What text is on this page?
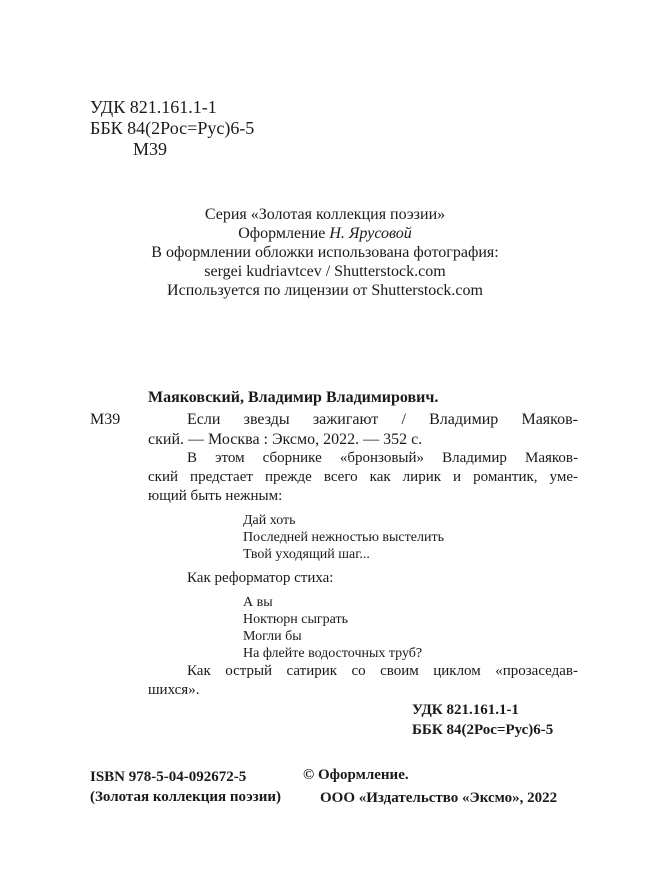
УДК 821.161.1-1
ББК 84(2Рос=Рус)6-5
М39
Серия «Золотая коллекция поэзии»
Оформление Н. Ярусовой
В оформлении обложки использована фотография:
sergei kudriavtcev / Shutterstock.com
Используется по лицензии от Shutterstock.com
Маяковский, Владимир Владимирович.
М39	Если звезды зажигают / Владимир Маяков-
ский. — Москва : Эксмо, 2022. — 352 с.
В этом сборнике «бронзовый» Владимир Маяков-
ский предстает прежде всего как лирик и романтик, уме-
ющий быть нежным:
Дай хоть
Последней нежностью выстелить
Твой уходящий шаг...
Как реформатор стиха:
А вы
Ноктюрн сыграть
Могли бы
На флейте водосточных труб?
Как острый сатирик со своим циклом «прозаседав-
шихся».
УДК 821.161.1-1
ББК 84(2Рос=Рус)6-5
ISBN 978-5-04-092672-5
(Золотая коллекция поэзии)
© Оформление.
ООО «Издательство «Эксмо», 2022
